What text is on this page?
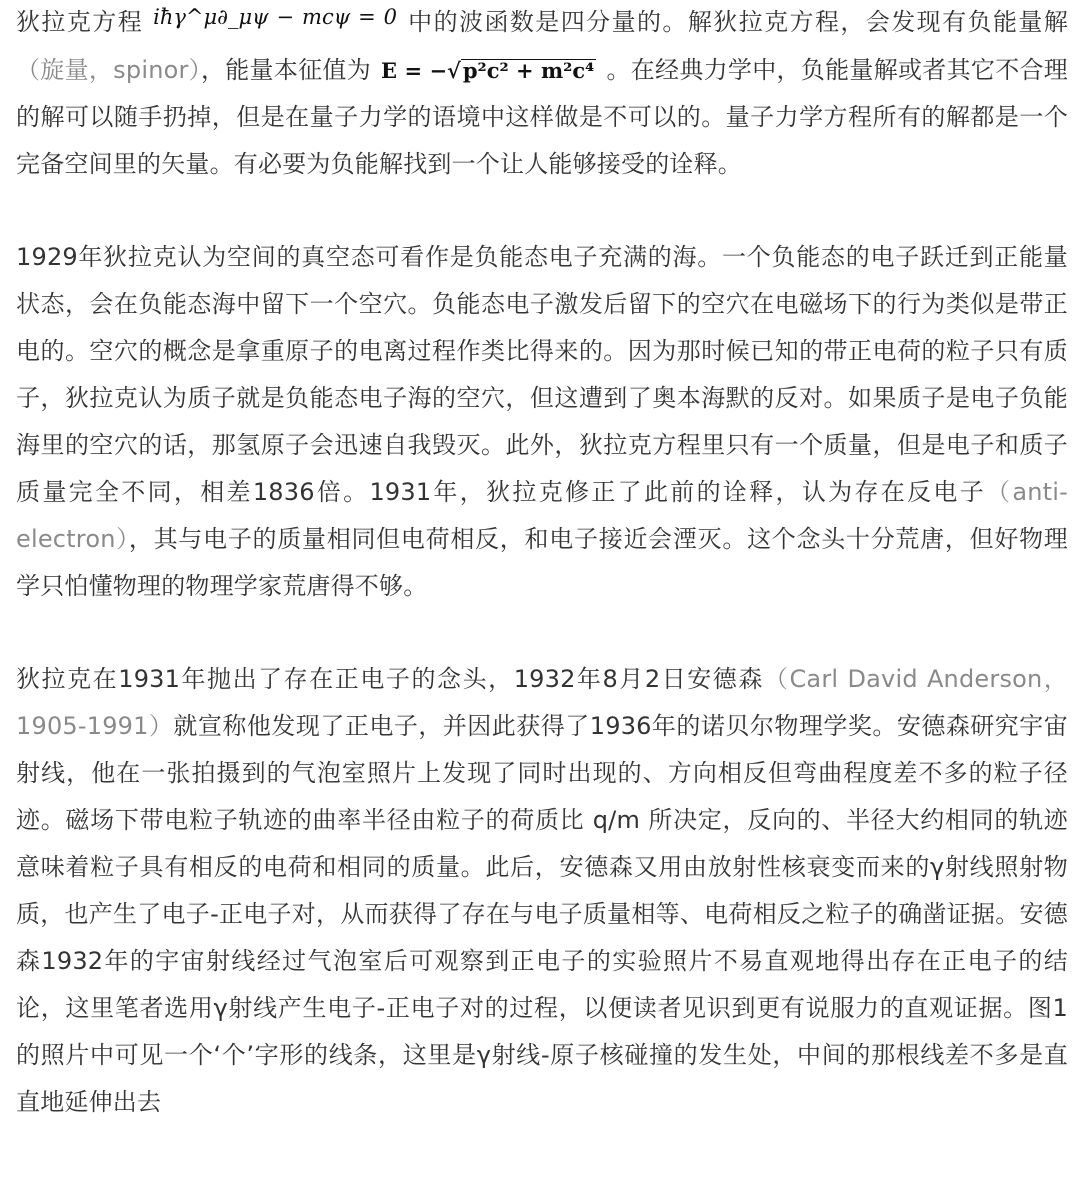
狄拉克方程 iħγ^μ∂_μψ − mcψ = 0 中的波函数是四分量的。解狄拉克方程，会发现有负能量解（旋量，spinor），能量本征值为 E = −√p²c² + m²c⁴ 。在经典力学中，负能量解或者其它不合理的解可以随手扔掉，但是在量子力学的语境中这样做是不可以的。量子力学方程所有的解都是一个完备空间里的矢量。有必要为负能解找到一个让人能够接受的诠释。

1929年狄拉克认为空间的真空态可看作是负能态电子充满的海。一个负能态的电子跃迁到正能量状态，会在负能态海中留下一个空穴。负能态电子激发后留下的空穴在电磁场下的行为类似是带正电的。空穴的概念是拿重原子的电离过程作类比得来的。因为那时候已知的带正电荷的粒子只有质子，狄拉克认为质子就是负能态电子海的空穴，但这遭到了奥本海默的反对。如果质子是电子负能海里的空穴的话，那氢原子会迅速自我毁灭。此外，狄拉克方程里只有一个质量，但是电子和质子质量完全不同，相差1836倍。1931年，狄拉克修正了此前的诠释，认为存在反电子（anti-electron），其与电子的质量相同但电荷相反，和电子接近会湮灭。这个念头十分荒唐，但好物理学只怕懂物理的物理学家荒唐得不够。

狄拉克在1931年抛出了存在正电子的念头，1932年8月2日安德森（Carl David Anderson，1905-1991）就宣称他发现了正电子，并因此获得了1936年的诺贝尔物理学奖。安德森研究宇宙射线，他在一张拍摄到的气泡室照片上发现了同时出现的、方向相反但弯曲程度差不多的粒子径迹。磁场下带电粒子轨迹的曲率半径由粒子的荷质比 q/m 所决定，反向的、半径大约相同的轨迹意味着粒子具有相反的电荷和相同的质量。此后，安德森又用由放射性核衰变而来的γ射线照射物质，也产生了电子-正电子对，从而获得了存在与电子质量相等、电荷相反之粒子的确凿证据。安德森1932年的宇宙射线经过气泡室后可观察到正电子的实验照片不易直观地得出存在正电子的结论，这里笔者选用γ射线产生电子-正电子对的过程，以便读者见识到更有说服力的直观证据。图1的照片中可见一个‘个’字形的线条，这里是γ射线-原子核碰撞的发生处，中间的那根线差不多是直直地延伸出去
